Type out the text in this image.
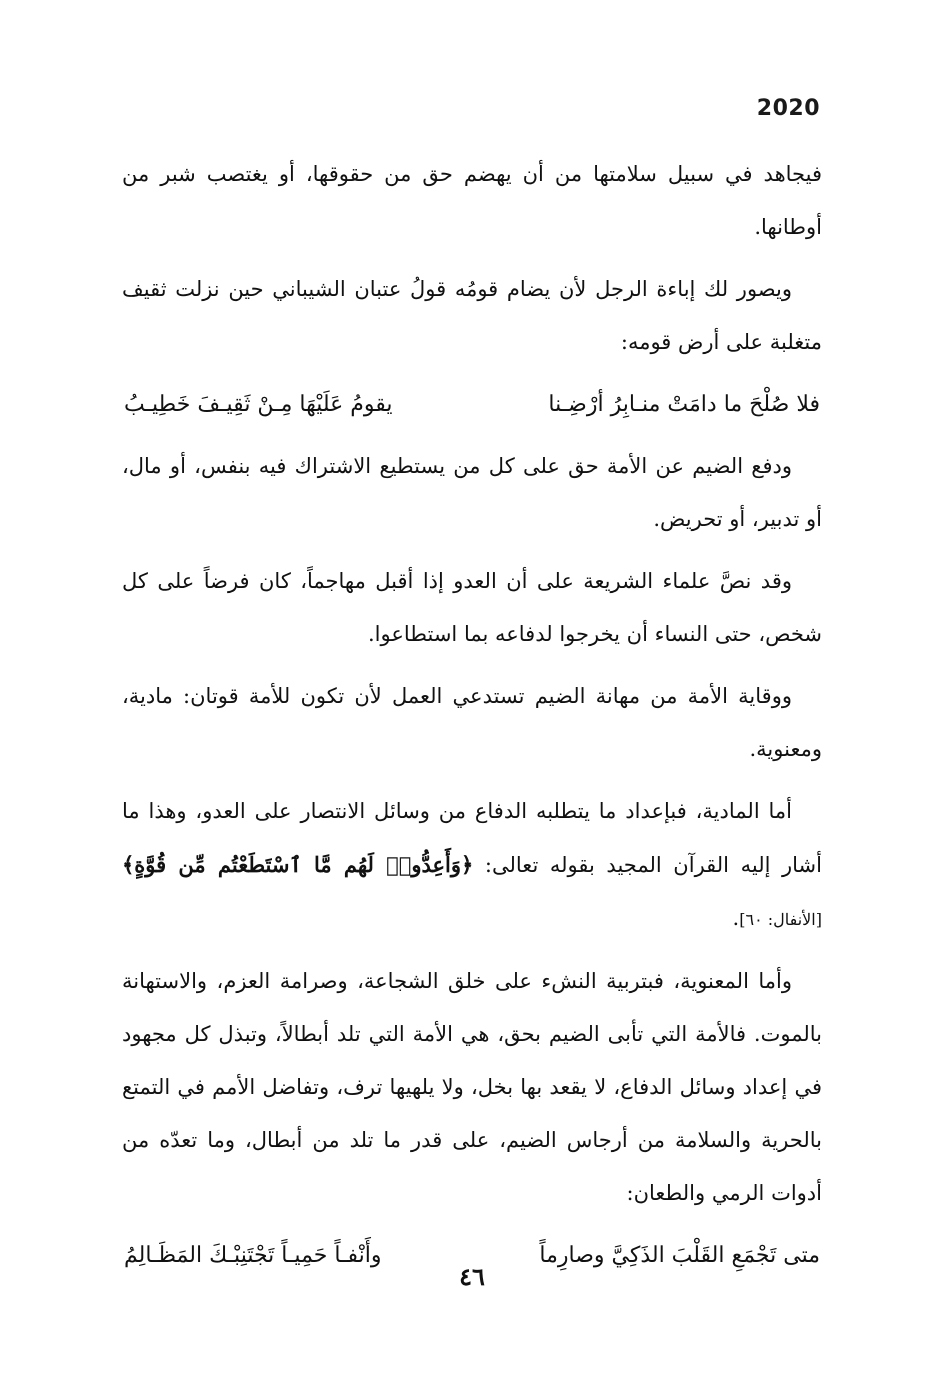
2020

فيجاهد في سبيل سلامتها من أن يهضم حق من حقوقها، أو يغتصب شبر من أوطانها.

ويصور لك إباءة الرجل لأن يضام قومُه قولُ عتبان الشيباني حين نزلت ثقيف متغلبة على أرض قومه:

فلا صُلْحَ ما دامَتْ منـابِرُ أرْضِـنا
يقومُ عَلَيْهَا مِـنْ ثَقِيـفَ خَطِيـبُ

ودفع الضيم عن الأمة حق على كل من يستطيع الاشتراك فيه بنفس، أو مال، أو تدبير، أو تحريض.

وقد نصَّ علماء الشريعة على أن العدو إذا أقبل مهاجماً، كان فرضاً على كل شخص، حتى النساء أن يخرجوا لدفاعه بما استطاعوا.

ووقاية الأمة من مهانة الضيم تستدعي العمل لأن تكون للأمة قوتان: مادية، ومعنوية.

أما المادية، فبإعداد ما يتطلبه الدفاع من وسائل الانتصار على العدو، وهذا ما أشار إليه القرآن المجيد بقوله تعالى: ﴿وَأَعِدُّوا۟ لَهُم مَّا ٱسْتَطَعْتُم مِّن قُوَّةٍ﴾[الأنفال: ٦٠].

وأما المعنوية، فبتربية النشء على خلق الشجاعة، وصرامة العزم، والاستهانة بالموت. فالأمة التي تأبى الضيم بحق، هي الأمة التي تلد أبطالاً، وتبذل كل مجهود في إعداد وسائل الدفاع، لا يقعد بها بخل، ولا يلهيها ترف، وتفاضل الأمم في التمتع بالحرية والسلامة من أرجاس الضيم، على قدر ما تلد من أبطال، وما تعدّه من أدوات الرمي والطعان:

متى تَجْمَعِ القَلْبَ الذَكِيَّ وصارِماً
وأَنْفـاً حَمِيـاً تَجْتَنِبْـكَ المَظَـالِمُ
٤٦
